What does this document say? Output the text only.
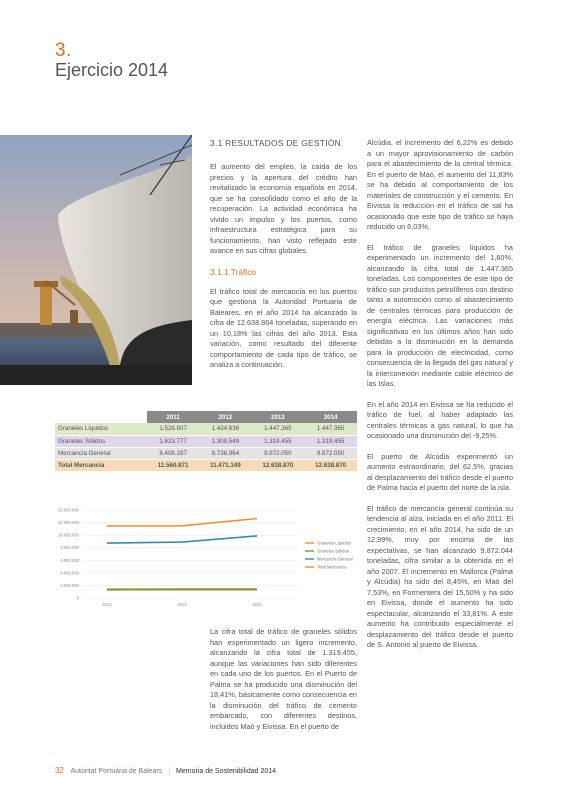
3.
Ejercicio 2014
3.1 RESULTADOS DE GESTIÓN

El aumento del empleo, la caída de los precios y la apertura del crédito han revitalizado la economía española en 2014, que se ha consolidado como el año de la recuperación. La actividad económica ha vivido un impulso y los puertos, como infraestructura estratégica para su funcionamiento, han visto reflejado este avance en sus cifras globales.

3.1.1 Tráfico

El tráfico total de mercancía en los puertos que gestiona la Autoridad Portuaria de Baleares, en el año 2014 ha alcanzado la cifra de 12.638.864 toneladas, superando en un 10,18% las cifras del año 2013. Esta variación, como resultado del diferente comportamiento de cada tipo de tráfico, se analiza a continuación.

Alcúdia, el incremento del 6,22% es debido a un mayor aprovisionamiento de carbón para el abastecimiento de la central térmica. En el puerto de Maó, el aumento del 11,83% se ha debido al comportamiento de los materiales de construcción y el cemento. En Eivissa la reducción en el tráfico de sal ha ocasionado que este tipo de tráfico se haya reducido un 6,03%.

El tráfico de graneles líquidos ha experimentado un incremento del 1,60%, alcanzando la cifra total de 1.447.365 toneladas. Los componentes de este tipo de tráfico son productos petrolíferos con destino tanto a automoción como al abastecimiento de centrales térmicas para producción de energía eléctrica. Las variaciones más significativas en los últimos años han sido debidas a la disminución en la demanda para la producción de electricidad, como consecuencia de la llegada del gas natural y la interconexión mediante cable eléctrico de las Islas.

En el año 2014 en Eivissa se ha reducido el tráfico de fuel, al haber adaptado las centrales térmicas a gas natural, lo que ha ocasionado una disminución del -9,25%.

El puerto de Alcúdia experimentó un aumento extraordinario, del 62,5%, gracias al desplazamiento del tráfico desde el puerto de Palma hacia el puerto del norte de la isla.

El tráfico de mercancía general continúa su tendencia al alza, iniciada en el año 2011. El crecimiento, en el año 2014, ha sido de un 12,99%, muy por encima de las expectativas, se han alcanzado 9.872.044 toneladas, cifra similar a la obtenida en el año 2007. El incremento en Mallorca (Palma y Alcúdia) ha sido del 8,45%, en Maó del 7,53%, en Formentera del 15,50% y ha sido en Eivissa, donde el aumento ha sido espectacular, alcanzando el 33,81%. A este aumento ha contribuido especialmente el desplazamiento del tráfico desde el puerto de S. Antonio al puerto de Eivissa.

	2011	2012	2013	2014
Graneles Líquidos	1.528.807	1.424.636	1.447.365	1.447.365
Graneles Sólidos	1.623.777	1.309.549	1.319.455	1.319.455
Mercancía General	8.408.287	8.736.964	9.872.050	9.872.050
Total Mercancía	11.560.871	11.471.149	12.638.870	12.638.870
14.000.000
12.000.000
10.000.000
8.000.000
6.000.000
4.000.000
2.000.000
0
2012	2013	2014
Graneles Líquidos
Graneles Sólidos
Mercancía General
Total Mercancía

La cifra total de tráfico de graneles sólidos han experimentado un ligero incremento, alcanzando la cifra total de 1.319.455, aunque las variaciones han sido diferentes en cada uno de los puertos. En el Puerto de Palma se ha producido una disminución del 18,41%, básicamente como consecuencia en la disminución del tráfico de cemento embarcado, con diferentes destinos, incluidos Maó y Eivissa. En el puerto de

32 Autoritat Portuària de Balears | Memoria de Sostenibilidad 2014
